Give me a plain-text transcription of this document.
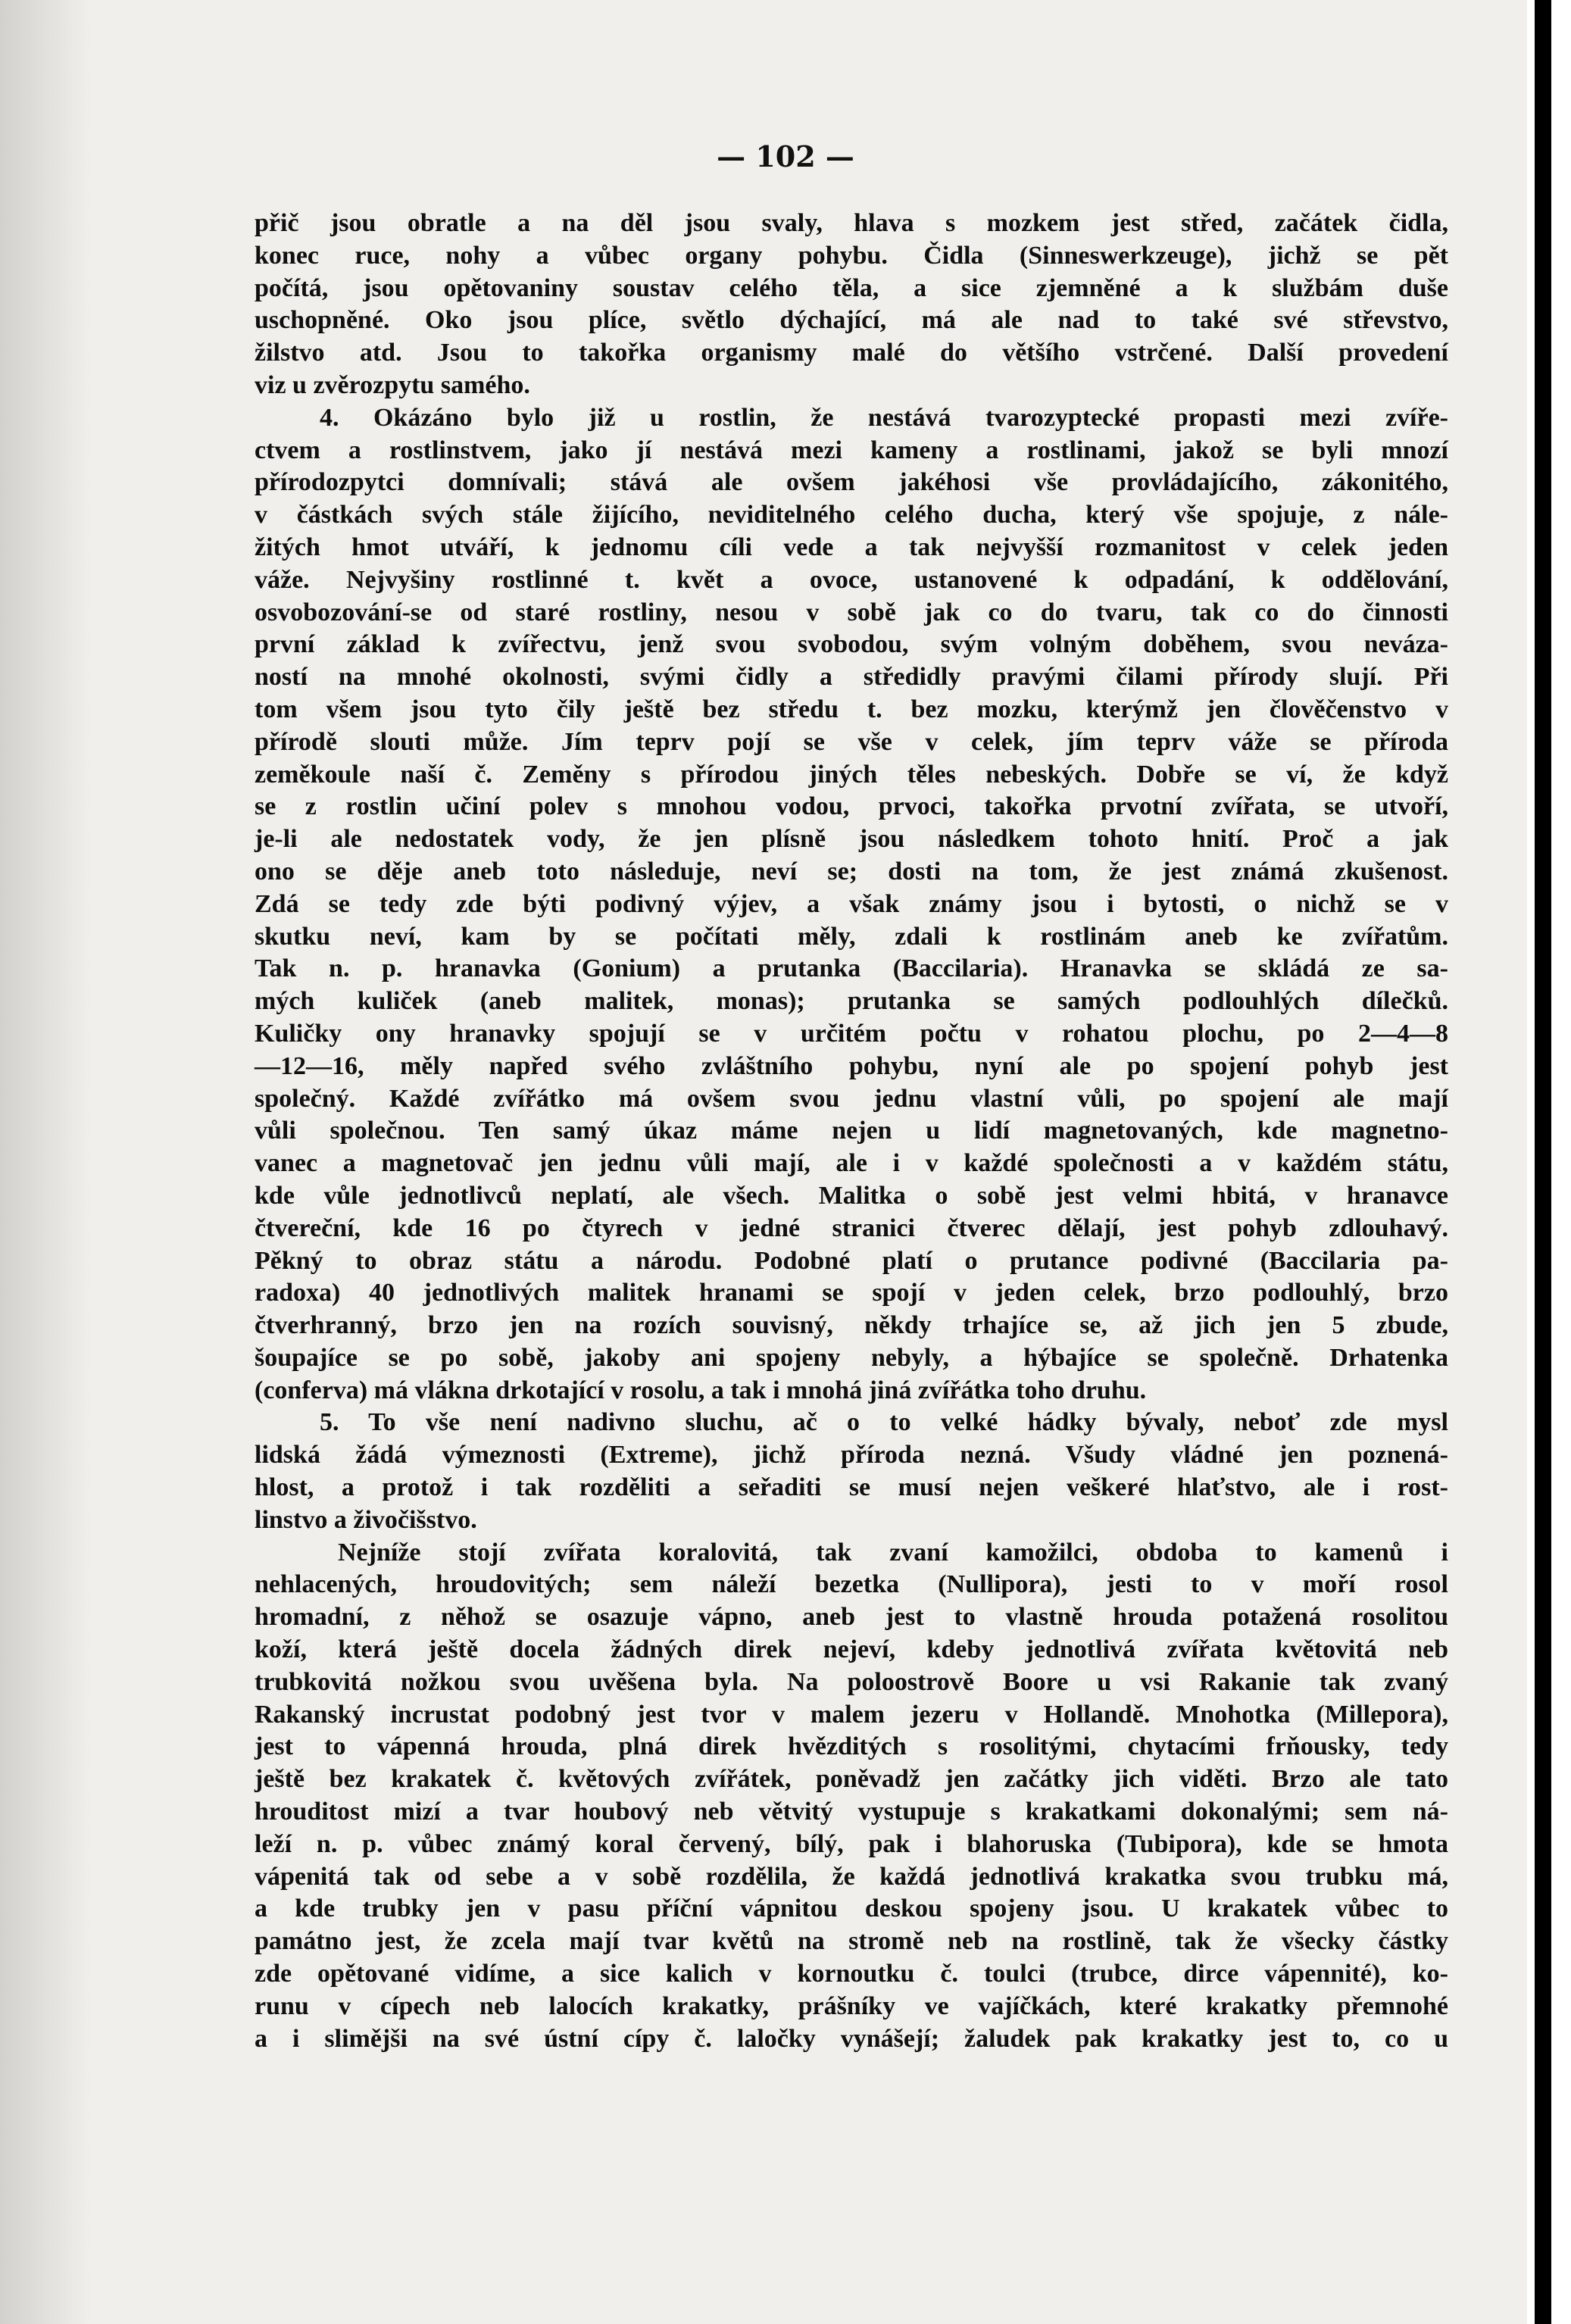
— 102 —

přič jsou obratle a na děl jsou svaly, hlava s mozkem jest střed, začátek čidla,

konec ruce, nohy a vůbec organy pohybu. Čidla (Sinneswerkzeuge), jichž se pět

počítá, jsou opětovaniny soustav celého těla, a sice zjemněné a k službám duše

uschopněné. Oko jsou plíce, světlo dýchající, má ale nad to také své střevstvo,

žilstvo atd. Jsou to takořka organismy malé do většího vstrčené. Další provedení

viz u zvěrozpytu samého.

4. Okázáno bylo již u rostlin, že nestává tvarozyptecké propasti mezi zvíře-

ctvem a rostlinstvem, jako jí nestává mezi kameny a rostlinami, jakož se byli mnozí

přírodozpytci domnívali; stává ale ovšem jakéhosi vše provládajícího, zákonitého,

v částkách svých stále žijícího, neviditelného celého ducha, který vše spojuje, z nále-

žitých hmot utváří, k jednomu cíli vede a tak nejvyšší rozmanitost v celek jeden

váže. Nejvyšiny rostlinné t. květ a ovoce, ustanovené k odpadání, k oddělování,

osvobozování-se od staré rostliny, nesou v sobě jak co do tvaru, tak co do činnosti

první základ k zvířectvu, jenž svou svobodou, svým volným doběhem, svou neváza-

ností na mnohé okolnosti, svými čidly a středidly pravými čilami přírody slují. Při

tom všem jsou tyto čily ještě bez středu t. bez mozku, kterýmž jen člověčenstvo v

přírodě slouti může. Jím teprv pojí se vše v celek, jím teprv váže se příroda

zeměkoule naší č. Zeměny s přírodou jiných těles nebeských. Dobře se ví, že když

se z rostlin učiní polev s mnohou vodou, prvoci, takořka prvotní zvířata, se utvoří,

je-li ale nedostatek vody, že jen plísně jsou následkem tohoto hnití. Proč a jak

ono se děje aneb toto následuje, neví se; dosti na tom, že jest známá zkušenost.

Zdá se tedy zde býti podivný výjev, a však známy jsou i bytosti, o nichž se v

skutku neví, kam by se počítati měly, zdali k rostlinám aneb ke zvířatům.

Tak n. p. hranavka (Gonium) a prutanka (Baccilaria). Hranavka se skládá ze sa-

mých kuliček (aneb malitek, monas); prutanka se samých podlouhlých dílečků.

Kuličky ony hranavky spojují se v určitém počtu v rohatou plochu, po 2—4—8

—12—16, měly napřed svého zvláštního pohybu, nyní ale po spojení pohyb jest

společný. Každé zvířátko má ovšem svou jednu vlastní vůli, po spojení ale mají

vůli společnou. Ten samý úkaz máme nejen u lidí magnetovaných, kde magnetno-

vanec a magnetovač jen jednu vůli mají, ale i v každé společnosti a v každém státu,

kde vůle jednotlivců neplatí, ale všech. Malitka o sobě jest velmi hbitá, v hranavce

čtvereční, kde 16 po čtyrech v jedné stranici čtverec dělají, jest pohyb zdlouhavý.

Pěkný to obraz státu a národu. Podobné platí o prutance podivné (Baccilaria pa-

radoxa) 40 jednotlivých malitek hranami se spojí v jeden celek, brzo podlouhlý, brzo

čtverhranný, brzo jen na rozích souvisný, někdy trhajíce se, až jich jen 5 zbude,

šoupajíce se po sobě, jakoby ani spojeny nebyly, a hýbajíce se společně. Drhatenka

(conferva) má vlákna drkotající v rosolu, a tak i mnohá jiná zvířátka toho druhu.

5. To vše není nadivno sluchu, ač o to velké hádky bývaly, neboť zde mysl

lidská žádá výmeznosti (Extreme), jichž příroda nezná. Všudy vládné jen poznená-

hlost, a protož i tak rozděliti a seřaditi se musí nejen veškeré hlaťstvo, ale i rost-

linstvo a živočišstvo.

Nejníže stojí zvířata koralovitá, tak zvaní kamožilci, obdoba to kamenů i

nehlacených, hroudovitých; sem náleží bezetka (Nullipora), jesti to v moří rosol

hromadní, z něhož se osazuje vápno, aneb jest to vlastně hrouda potažená rosolitou

koží, která ještě docela žádných direk nejeví, kdeby jednotlivá zvířata květovitá neb

trubkovitá nožkou svou uvěšena byla. Na poloostrově Boore u vsi Rakanie tak zvaný

Rakanský incrustat podobný jest tvor v malem jezeru v Hollandě. Mnohotka (Millepora),

jest to vápenná hrouda, plná direk hvězditých s rosolitými, chytacími frňousky, tedy

ještě bez krakatek č. květových zvířátek, poněvadž jen začátky jich viděti. Brzo ale tato

hrouditost mizí a tvar houbový neb větvitý vystupuje s krakatkami dokonalými; sem ná-

leží n. p. vůbec známý koral červený, bílý, pak i blahoruska (Tubipora), kde se hmota

vápenitá tak od sebe a v sobě rozdělila, že každá jednotlivá krakatka svou trubku má,

a kde trubky jen v pasu příční vápnitou deskou spojeny jsou. U krakatek vůbec to

památno jest, že zcela mají tvar květů na stromě neb na rostlině, tak že všecky částky

zde opětované vidíme, a sice kalich v kornoutku č. toulci (trubce, dirce vápennité), ko-

runu v cípech neb lalocích krakatky, prášníky ve vajíčkách, které krakatky přemnohé

a i slimějši na své ústní cípy č. laločky vynášejí; žaludek pak krakatky jest to, co u
